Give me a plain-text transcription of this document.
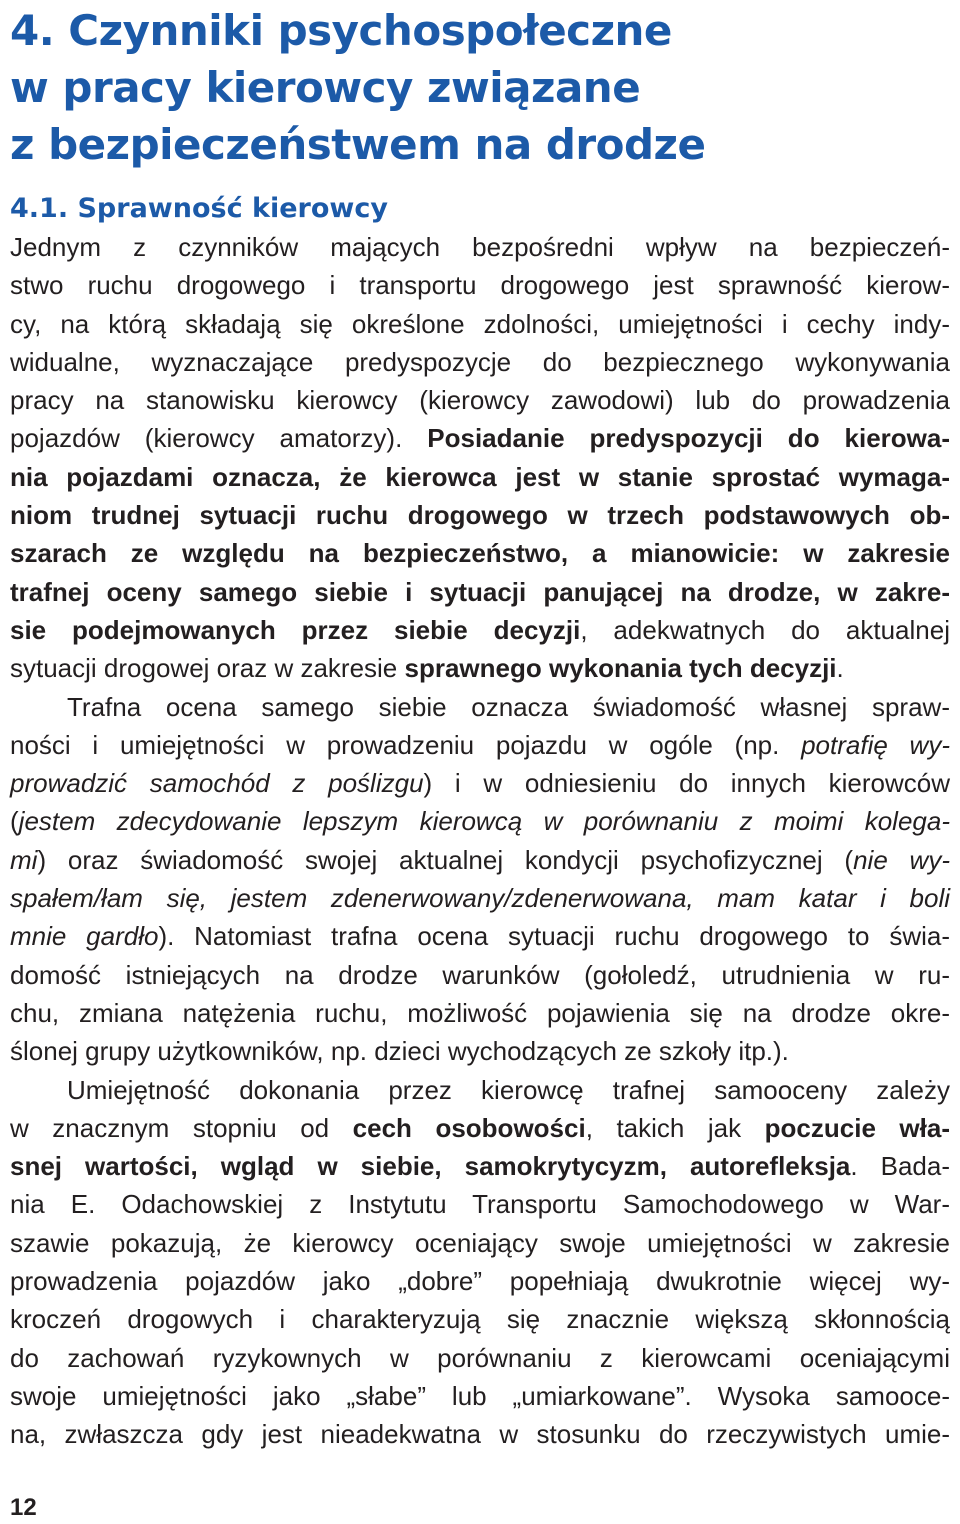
4. Czynniki psychospołeczne
w pracy kierowcy związane
z bezpieczeństwem na drodze
4.1. Sprawność kierowcy
Jednym z czynników mających bezpośredni wpływ na bezpieczeń-
stwo ruchu drogowego i transportu drogowego jest sprawność kierow-
cy, na którą składają się określone zdolności, umiejętności i cechy indy-
widualne, wyznaczające predyspozycje do bezpiecznego wykonywania
pracy na stanowisku kierowcy (kierowcy zawodowi) lub do prowadzenia
pojazdów (kierowcy amatorzy). Posiadanie predyspozycji do kierowa-
nia pojazdami oznacza, że kierowca jest w stanie sprostać wymaga-
niom trudnej sytuacji ruchu drogowego w trzech podstawowych ob-
szarach ze względu na bezpieczeństwo, a mianowicie: w zakresie
trafnej oceny samego siebie i sytuacji panującej na drodze, w zakre-
sie podejmowanych przez siebie decyzji, adekwatnych do aktualnej
sytuacji drogowej oraz w zakresie sprawnego wykonania tych decyzji.
Trafna ocena samego siebie oznacza świadomość własnej spraw-
ności i umiejętności w prowadzeniu pojazdu w ogóle (np. potrafię wy-
prowadzić samochód z poślizgu) i w odniesieniu do innych kierowców
(jestem zdecydowanie lepszym kierowcą w porównaniu z moimi kolega-
mi) oraz świadomość swojej aktualnej kondycji psychofizycznej (nie wy-
spałem/łam się, jestem zdenerwowany/zdenerwowana, mam katar i boli
mnie gardło). Natomiast trafna ocena sytuacji ruchu drogowego to świa-
domość istniejących na drodze warunków (gołoledź, utrudnienia w ru-
chu, zmiana natężenia ruchu, możliwość pojawienia się na drodze okre-
ślonej grupy użytkowników, np. dzieci wychodzących ze szkoły itp.).
Umiejętność dokonania przez kierowcę trafnej samooceny zależy
w znacznym stopniu od cech osobowości, takich jak poczucie wła-
snej wartości, wgląd w siebie, samokrytycyzm, autorefleksja. Bada-
nia E. Odachowskiej z Instytutu Transportu Samochodowego w War-
szawie pokazują, że kierowcy oceniający swoje umiejętności w zakresie
prowadzenia pojazdów jako „dobre” popełniają dwukrotnie więcej wy-
kroczeń drogowych i charakteryzują się znacznie większą skłonnością
do zachowań ryzykownych w porównaniu z kierowcami oceniającymi
swoje umiejętności jako „słabe” lub „umiarkowane”. Wysoka samooce-
na, zwłaszcza gdy jest nieadekwatna w stosunku do rzeczywistych umie-
12
